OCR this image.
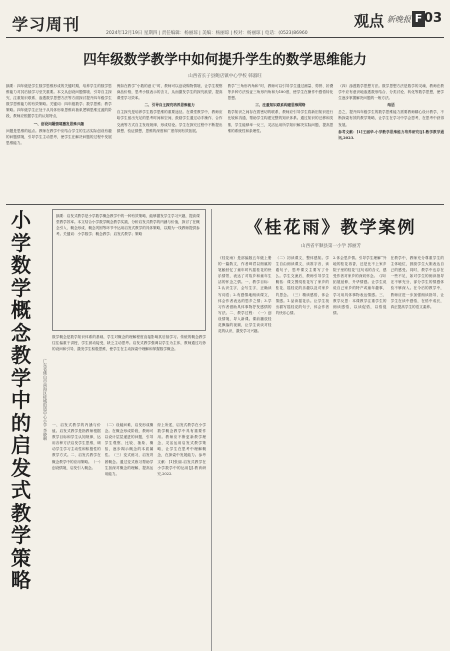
学习周刊	2024年12月19日 星期四 | 责任编辑：杨丽琼 | 美编：杨丽琼 | 校对：杨丽琼 | 电话：(0523)86960
观点 新晚报 F 03
四年级数学教学中如何提升学生的数学思维能力
山西省长子县鲍店镇中心学校 韩淑旺
摘要：四年级是学生数学思维形成的关键时期，培养学生的数学思维能力对其后续学习至关重要。本文从创设问题情境、引导自主探究、注重知识联系、渗透数学思想方法等方面探讨提升四年级学生数学思维能力的有效策略。关键词：四年级数学；数学思维；教学策略。四年级学生正处于从具体形象思维向抽象逻辑思维过渡的阶段，教师应根据学生的认知特点，
一、创设问题情境激发思维兴趣
问题是思维的起点。教师在教学中应结合学生的生活实际创设有趣的问题情境，引导学生主动思考，使学生在解决问题的过程中发展思维能力。
例如在教学“小数的意义”时，教师可以创设购物情境，让学生观察商品价格，思考小数表示的含义，从而激发学生的探究欲望，提高课堂学习效率。
二、引导自主探究培养思维能力
自主探究是培养学生数学思维的重要途径。在课堂教学中，教师应给学生留出充足的思考时间和空间，鼓励学生通过动手操作、合作交流等方式自主发现规律，形成结论。学生在探究过程中不断提出猜想、验证猜想，思维的深度和广度得到有效拓展。
教学“三角形内角和”时，教师可以引导学生通过测量、剪拼、折叠等多种方法验证三角形内角和为180度，使学生在操作中感悟转化思想。
三、注重知识联系构建思维网络
数学知识之间存在着密切的联系，教师应引导学生将新旧知识进行比较和沟通，帮助学生构建完整的知识体系。通过知识的迁移和类推，学生能够举一反三，灵活运用所学知识解决实际问题，提高思维的系统性和条理性。
（四）渗透数学思想方法。数学思想方法是数学的灵魂，教师在教学中应有意识地渗透数形结合、分类讨论、转化等数学思想，使学生逐步掌握解决问题的一般方法。
结语
总之，提升四年级学生的数学思维能力需要教师精心设计教学，不断探索有效的教学策略，让学生在学习中学会思考，在思考中获得发展。
参考文献：[1]王丽华.小学数学思维能力培养研究[J].数学教学通讯,2023.
小
学
数
学
概
念
教
学
中
的
启
发
式
教
学
策
略
广东省佛山市南海区桂城街道中心小学 李晓琳
摘要：启发式教学是小学数学概念教学中的一种有效策略，能够激发学生学习兴趣，提高课堂教学效率。本文结合小学数学概念教学实践，分析启发式教学的内涵与价值，探讨了在概念引入、概念形成、概念巩固等环节中运用启发式教学的具体策略，以期为一线教师提供参考。关键词：小学数学；概念教学；启发式教学；策略
数学概念是数学知识体系的基础，学生对概念的理解程度直接影响其后续学习。传统的概念教学往往偏重于讲授，学生被动接受，缺乏主动思考。启发式教学强调以学生为主体，教师通过巧妙的设问和引导，激发学生积极思维，使学生在主动探索中理解和掌握数学概念。
一、启发式教学的内涵与价值。启发式教学是指教师根据教学目标和学生认知规律，运用各种方法启发学生思维，调动学生学习主动性和积极性的教学方式。二、启发式教学在概念教学中的应用策略。（一）创设情境，启发引入概念。
（二）设疑问难，启发形成概念。在概念形成阶段，教师可以设计层层递进的问题，引导学生观察、比较、抽象、概括，逐步揭示概念的本质属性。（三）变式练习，启发巩固概念。通过变式练习帮助学生加深对概念的理解，提高运用能力。
综上所述，启发式教学在小学数学概念教学中具有重要作用。教师应不断更新教学理念，灵活运用启发式教学策略，让学生在思考中理解概念，在探索中发展能力。参考文献：[1]张丽.启发式教学在小学数学中的运用[J].教育研究,2022.
《桂花雨》教学案例
山西省平顺县第一小学 郭丽芳
《桂花雨》是部编版五年级上册的一篇散文，作者琦君以细腻的笔触回忆了童年时代摇桂花的快乐情景，表达了对故乡和童年生活的怀念之情。一、教学目标：1.认识生字，会写生字，正确读写词语；2.有感情地朗读课文，体会作者表达的思乡之情；3.学习作者借助具体事物抒发感情的写法。二、教学过程：（一）创设情境，导入新课。课前播放桂花飘落的视频，让学生谈谈对桂花的认识，激发学习兴趣。
（二）初读课文，整体感知。学生自由朗读课文，读准字音，读通句子，思考课文主要写了什么。学生交流后，教师引导学生概括：课文围绕桂花写了家乡的桂花、摇桂花的乐趣以及对家乡的思念。（三）精读感悟，体会情感。1.品读摇花乐。让学生找出描写摇桂花的句子，体会作者的快乐心情。
2.体会思乡情。引导学生理解“外地的桂花再香，还是比不上家乡院子里的桂花”这句话的含义，感受作者对家乡的深切怀念。（四）拓展延伸，升华情感。让学生说说自己家乡的特产或童年趣事，学习用具体事物表达情感。三、教学反思：本课教学注重学生的朗读感悟，以读促悟，以悟促情。
在教学中，教师充分尊重学生的主体地位，鼓励学生大胆表达自己的感受。同时，教学中也存在一些不足，如对学生的朗读指导还不够充分，部分学生的情感体验不够深入。在今后的教学中，教师应进一步加强朗读指导，让学生在读中感悟，在悟中成长，真正提高学生的语文素养。
